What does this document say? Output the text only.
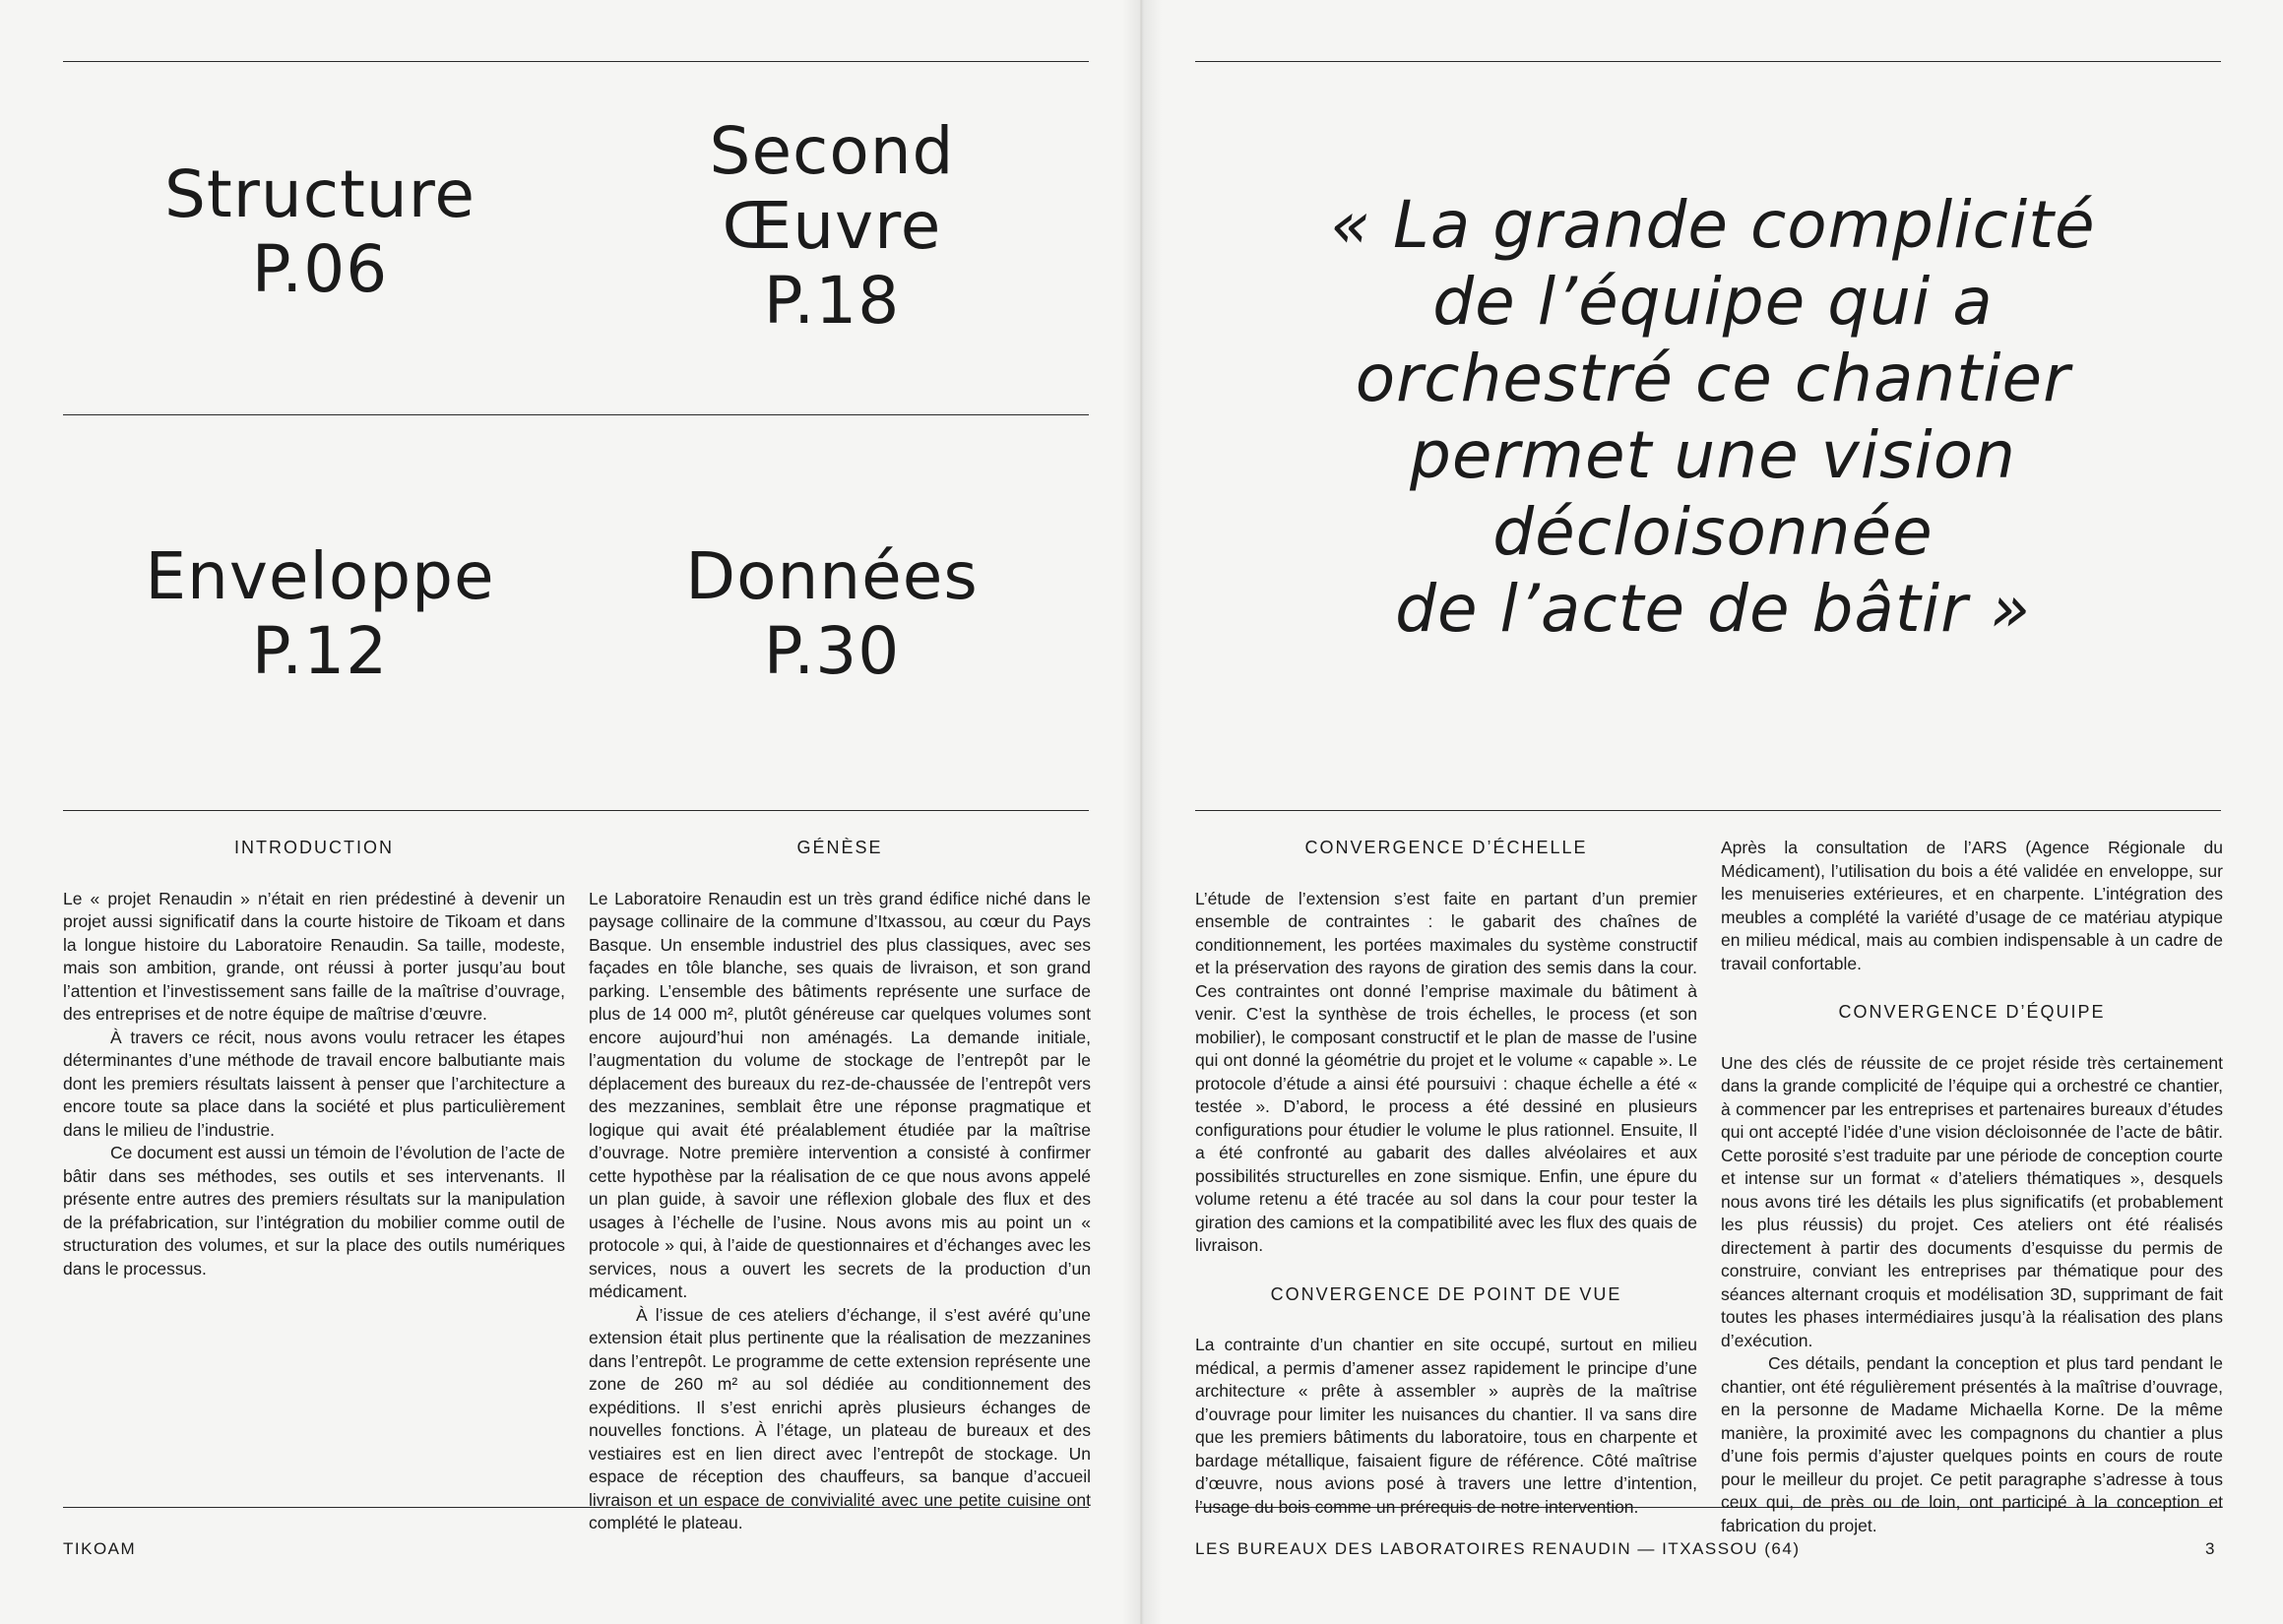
Structure
P.06
Second
Œuvre
P.18
Enveloppe
P.12
Données
P.30
INTRODUCTION

Le « projet Renaudin » n’était en rien prédestiné à devenir un projet aussi significatif dans la courte histoire de Tikoam et dans la longue histoire du Laboratoire Renaudin. Sa taille, modeste, mais son ambition, grande, ont réussi à porter jusqu’au bout l’attention et l’investissement sans faille de la maîtrise d’ouvrage, des entreprises et de notre équipe de maîtrise d’œuvre.

À travers ce récit, nous avons voulu retracer les étapes déterminantes d’une méthode de travail encore balbutiante mais dont les premiers résultats laissent à penser que l’architecture a encore toute sa place dans la société et plus particulièrement dans le milieu de l’industrie.

Ce document est aussi un témoin de l’évolution de l’acte de bâtir dans ses méthodes, ses outils et ses intervenants. Il présente entre autres des premiers résultats sur la manipulation de la préfabrication, sur l’intégration du mobilier comme outil de structuration des volumes, et sur la place des outils numériques dans le processus.

GÉNÈSE

Le Laboratoire Renaudin est un très grand édifice niché dans le paysage collinaire de la commune d’Itxassou, au cœur du Pays Basque. Un ensemble industriel des plus classiques, avec ses façades en tôle blanche, ses quais de livraison, et son grand parking. L’ensemble des bâtiments représente une surface de plus de 14 000 m², plutôt généreuse car quelques volumes sont encore aujourd’hui non aménagés. La demande initiale, l’augmentation du volume de stockage de l’entrepôt par le déplacement des bureaux du rez-de-chaussée de l’entrepôt vers des mezzanines, semblait être une réponse pragmatique et logique qui avait été préalablement étudiée par la maîtrise d’ouvrage. Notre première intervention a consisté à confirmer cette hypothèse par la réalisation de ce que nous avons appelé un plan guide, à savoir une réflexion globale des flux et des usages à l’échelle de l’usine. Nous avons mis au point un « protocole » qui, à l’aide de questionnaires et d’échanges avec les services, nous a ouvert les secrets de la production d’un médicament.

À l’issue de ces ateliers d’échange, il s’est avéré qu’une extension était plus pertinente que la réalisation de mezzanines dans l’entrepôt. Le programme de cette extension représente une zone de 260 m² au sol dédiée au conditionnement des expéditions. Il s’est enrichi après plusieurs échanges de nouvelles fonctions. À l’étage, un plateau de bureaux et des vestiaires est en lien direct avec l’entrepôt de stockage. Un espace de réception des chauffeurs, sa banque d’accueil livraison et un espace de convivialité avec une petite cuisine ont complété le plateau.

TIKOAM
« La grande complicité
de l’équipe qui a
orchestré ce chantier
permet une vision
décloisonnée
de l’acte de bâtir »
CONVERGENCE D’ÉCHELLE

L’étude de l’extension s’est faite en partant d’un premier ensemble de contraintes : le gabarit des chaînes de conditionnement, les portées maximales du système constructif et la préservation des rayons de giration des semis dans la cour. Ces contraintes ont donné l’emprise maximale du bâtiment à venir. C’est la synthèse de trois échelles, le process (et son mobilier), le composant constructif et le plan de masse de l’usine qui ont donné la géométrie du projet et le volume « capable ». Le protocole d’étude a ainsi été poursuivi : chaque échelle a été « testée ». D’abord, le process a été dessiné en plusieurs configurations pour étudier le volume le plus rationnel. Ensuite, Il a été confronté au gabarit des dalles alvéolaires et aux possibilités structurelles en zone sismique. Enfin, une épure du volume retenu a été tracée au sol dans la cour pour tester la giration des camions et la compatibilité avec les flux des quais de livraison.

CONVERGENCE DE POINT DE VUE

La contrainte d’un chantier en site occupé, surtout en milieu médical, a permis d’amener assez rapidement le principe d’une architecture « prête à assembler » auprès de la maîtrise d’ouvrage pour limiter les nuisances du chantier. Il va sans dire que les premiers bâtiments du laboratoire, tous en charpente et bardage métallique, faisaient figure de référence. Côté maîtrise d’œuvre, nous avions posé à travers une lettre d’intention, l’usage du bois comme un prérequis de notre intervention.

Après la consultation de l’ARS (Agence Régionale du Médicament), l’utilisation du bois a été validée en enveloppe, sur les menuiseries extérieures, et en charpente. L’intégration des meubles a complété la variété d’usage de ce matériau atypique en milieu médical, mais au combien indispensable à un cadre de travail confortable.

CONVERGENCE D’ÉQUIPE

Une des clés de réussite de ce projet réside très certainement dans la grande complicité de l’équipe qui a orchestré ce chantier, à commencer par les entreprises et partenaires bureaux d’études qui ont accepté l’idée d’une vision décloisonnée de l’acte de bâtir. Cette porosité s’est traduite par une période de conception courte et intense sur un format « d’ateliers thématiques », desquels nous avons tiré les détails les plus significatifs (et probablement les plus réussis) du projet. Ces ateliers ont été réalisés directement à partir des documents d’esquisse du permis de construire, conviant les entreprises par thématique pour des séances alternant croquis et modélisation 3D, supprimant de fait toutes les phases intermédiaires jusqu’à la réalisation des plans d’exécution.

Ces détails, pendant la conception et plus tard pendant le chantier, ont été régulièrement présentés à la maîtrise d’ouvrage, en la personne de Madame Michaella Korne. De la même manière, la proximité avec les compagnons du chantier a plus d’une fois permis d’ajuster quelques points en cours de route pour le meilleur du projet. Ce petit paragraphe s’adresse à tous ceux qui, de près ou de loin, ont participé à la conception et fabrication du projet.

LES BUREAUX DES LABORATOIRES RENAUDIN — ITXASSOU (64)	3
